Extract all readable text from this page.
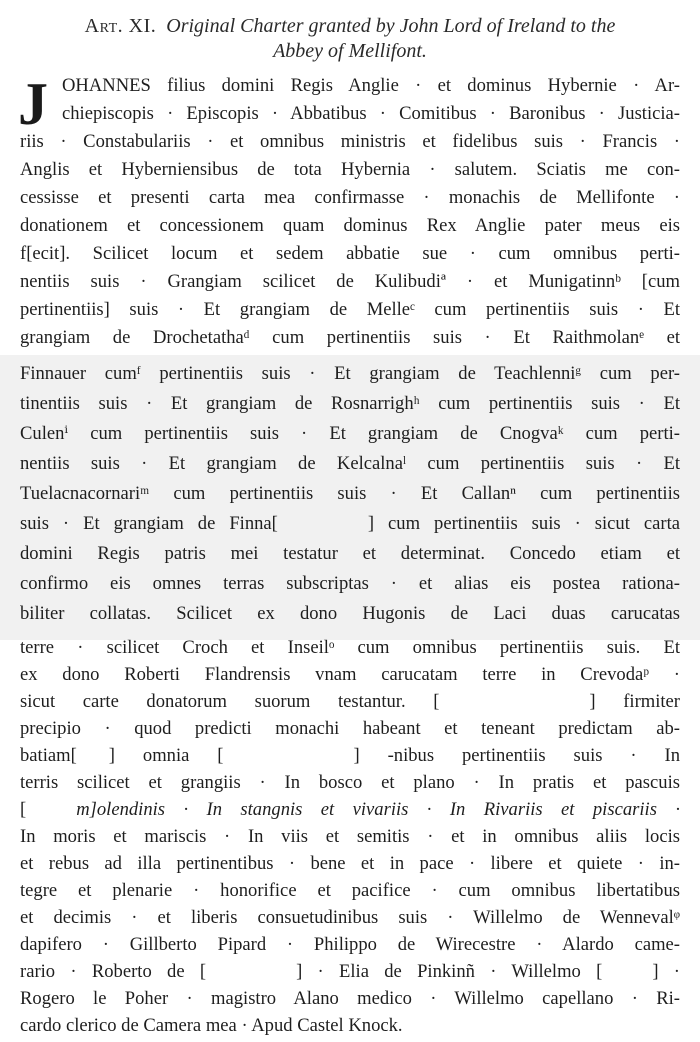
Art. XI. Original Charter granted by John Lord of Ireland to the
Abbey of Mellifont.
J OHANNES filius domini Regis Anglie · et dominus Hybernie · Ar-
chiepiscopis · Episcopis · Abbatibus · Comitibus · Baronibus · Justicia-
riis · Constabulariis · et omnibus ministris et fidelibus suis · Francis ·
Anglis et Hyberniensibus de tota Hybernia · salutem. Sciatis me con-
cessisse et presenti carta mea confirmasse · monachis de Mellifonte ·
donationem et concessionem quam dominus Rex Anglie pater meus eis
f[ecit]. Scilicet locum et sedem abbatie sue · cum omnibus perti-
nentiis suis · Grangiam scilicet de Kulibudiª · et Munigatinnᵇ [cum
pertinentiis] suis · Et grangiam de Melleᶜ cum pertinentiis suis · Et
grangiam de Drochetathaᵈ cum pertinentiis suis · Et Raithmolanᵉ et
Finnauer cumᶠ pertinentiis suis · Et grangiam de Teachlenniᵍ cum per-
tinentiis suis · Et grangiam de Rosnarrighʰ cum pertinentiis suis · Et
Culenⁱ cum pertinentiis suis · Et grangiam de Cnogvaᵏ cum perti-
nentiis suis · Et grangiam de Kelcalnaˡ cum pertinentiis suis · Et
Tuelacnacornariᵐ cum pertinentiis suis · Et Callanⁿ cum pertinentiis
suis · Et grangiam de Finna[	] cum pertinentiis suis · sicut carta
domini Regis patris mei testatur et determinat. Concedo etiam et
confirmo eis omnes terras subscriptas · et alias eis postea rationa-
biliter collatas. Scilicet ex dono Hugonis de Laci duas carucatas
terre · scilicet Croch et Inseilᵒ cum omnibus pertinentiis suis. Et
ex dono Roberti Flandrensis vnam carucatam terre in Crevodaᵖ ·
sicut carte donatorum suorum testantur. [	] firmiter
precipio · quod predicti monachi habeant et teneant predictam ab-
batiam[ ] omnia [	] -nibus pertinentiis suis · In
terris scilicet et grangiis · In bosco et plano · In pratis et pascuis
[	m]olendinis · In stangnis et vivariis · In Rivariis et piscariis ·
In moris et mariscis · In viis et semitis · et in omnibus aliis locis
et rebus ad illa pertinentibus · bene et in pace · libere et quiete · in-
tegre et plenarie · honorifice et pacifice · cum omnibus libertatibus
et decimis · et liberis consuetudinibus suis · Willelmo de Wennevalᵠ
dapifero · Gillberto Pipard · Philippo de Wirecestre · Alardo came-
rario · Roberto de [	] · Elia de Pinkinñ · Willelmo [	] ·
Rogero le Poher · magistro Alano medico · Willelmo capellano · Ri-
cardo clerico de Camera mea · Apud Castel Knock.
